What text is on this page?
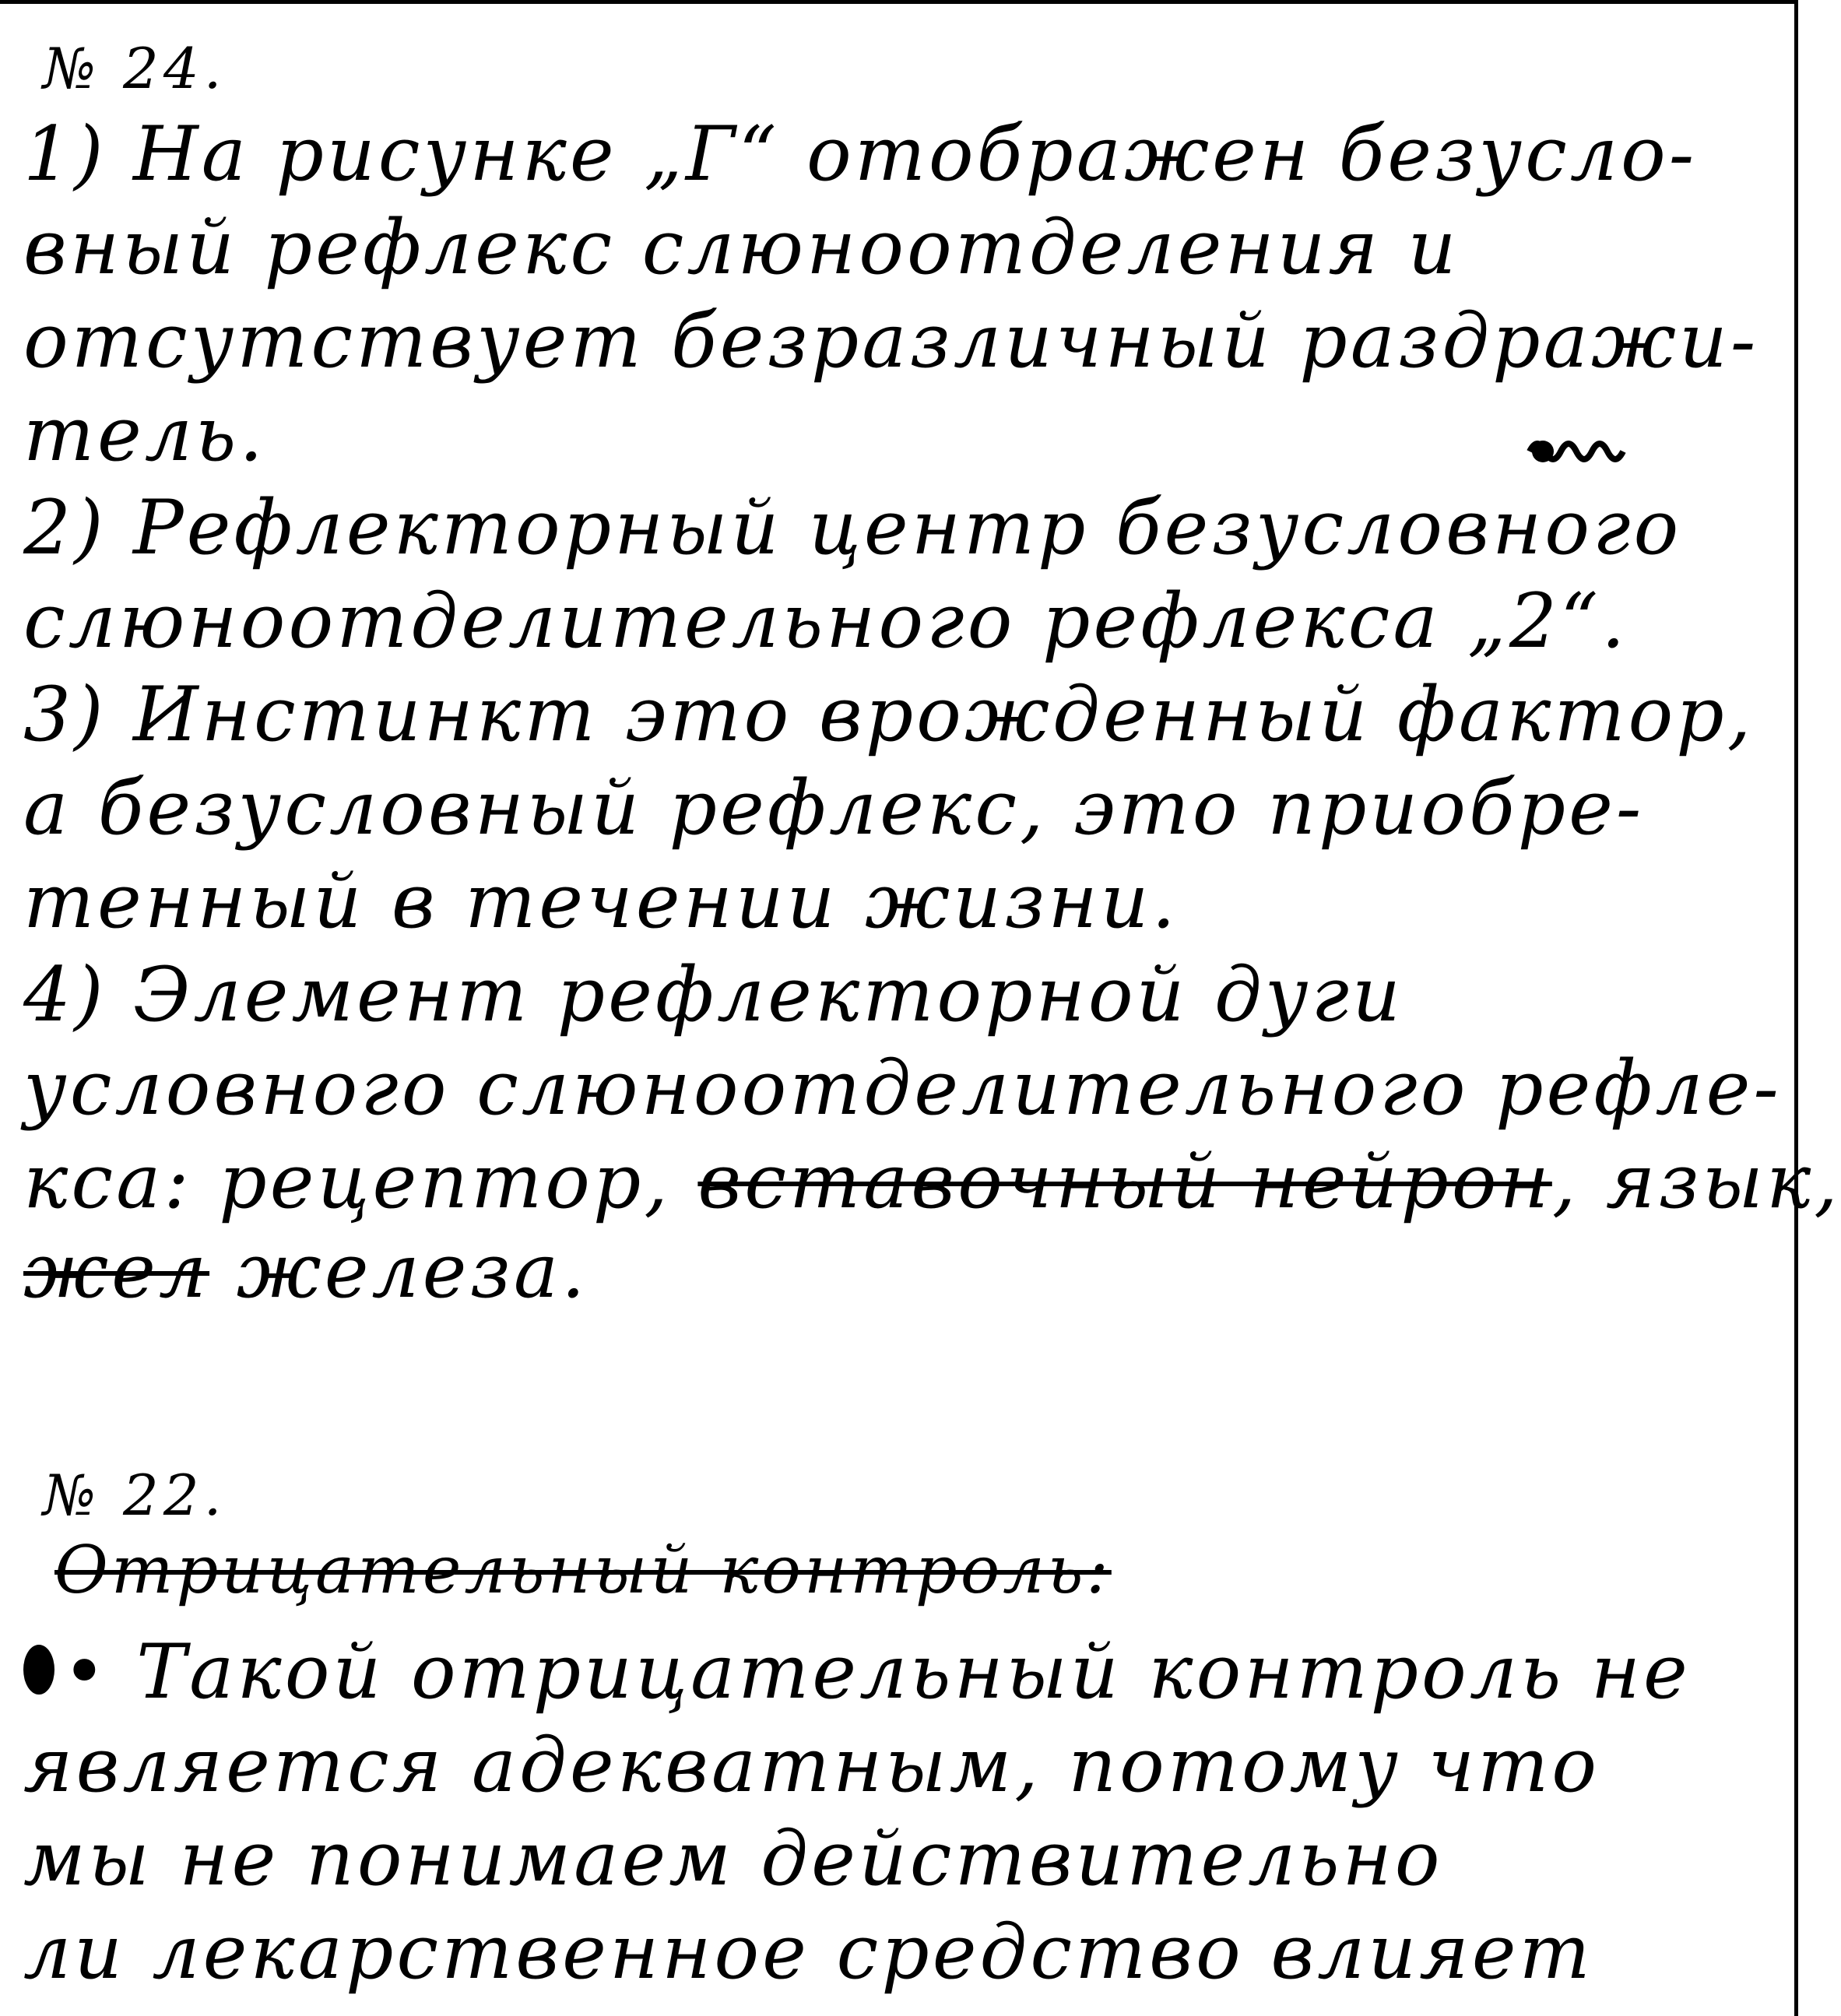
№ 24.
1) На рисунке „Г“ отображен безусло-
вный рефлекс слюноотделения и
отсутствует безразличный раздражи-
тель.
2) Рефлекторный центр безусловного
слюноотделительного рефлекса „2“.
3) Инстинкт это врожденный фактор,
а безусловный рефлекс, это приобре-
тенный в течении жизни.
4) Элемент рефлекторной дуги
условного слюноотделительного рефле-
кса: рецептор, вставочный нейрон, язык,
жел железа.
№ 22.
Отрицательный контроль:
• Такой отрицательный контроль не
является адекватным, потому что
мы не понимаем действительно
ли лекарственное средство влияет
